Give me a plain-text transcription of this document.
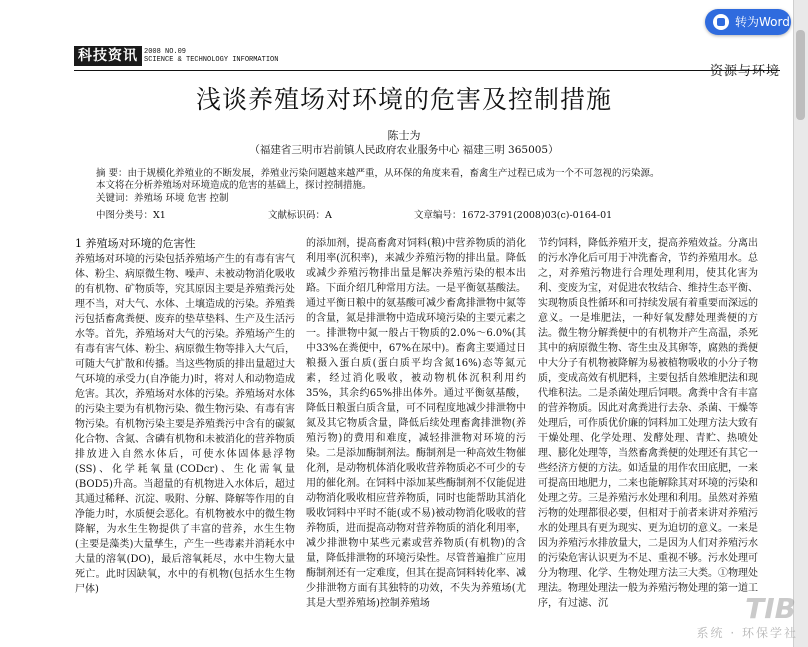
转为Word
科技资讯 2008 NO.09
SCIENCE & TECHNOLOGY INFORMATION
资源与环境
浅谈养殖场对环境的危害及控制措施
陈士为
（福建省三明市岩前镇人民政府农业服务中心 福建三明 365005）
摘 要：由于规模化养殖业的不断发展，养殖业污染问题越来越严重，从环保的角度来看，畜禽生产过程已成为一个不可忽视的污染源。
本文将在分析养殖场对环境造成的危害的基础上，探讨控制措施。
关键词：养殖场 环境 危害 控制
中图分类号：X1	文献标识码：A	文章编号：1672-3791(2008)03(c)-0164-01
1 养殖场对环境的危害性

养殖场对环境的污染包括养殖场产生的有毒有害气体、粉尘、病原微生物、噪声、未被动物消化吸收的有机物、矿物质等，究其原因主要是养殖粪污处理不当，对大气、水体、土壤造成的污染。养殖粪污包括畜禽粪便、废弃的垫草垫料、生产及生活污水等。首先，养殖场对大气的污染。养殖场产生的有毒有害气体、粉尘、病原微生物等排入大气后，可随大气扩散和传播。当这些物质的排出量超过大气环境的承受力(自净能力)时，将对人和动物造成危害。其次，养殖场对水体的污染。养殖场对水体的污染主要为有机物污染、微生物污染、有毒有害物污染。有机物污染主要是养殖粪污中含有的碳氮化合物、含氮、含磷有机物和未被消化的营养物质排放进入自然水体后，可使水体固体悬浮物(SS)、化学耗氧量(CODcr)、生化需氧量(BOD5)升高。当超量的有机物进入水体后，超过其通过稀释、沉淀、吸附、分解、降解等作用的自净能力时，水质便会恶化。有机物被水中的微生物降解，为水生生物提供了丰富的营养，水生生物(主要是藻类)大量孳生，产生一些毒素并消耗水中大量的溶氧(DO)，最后溶氧耗尽，水中生物大量死亡。此时因缺氧，水中的有机物(包括水生生物尸体)

的添加剂，提高畜禽对饲料(粮)中营养物质的消化利用率(沉积率)，来减少养殖污物的排出量。降低或减少养殖污物排出量是解决养殖污染的根本出路。下面介绍几种常用方法。一是平衡氨基酸法。通过平衡日粮中的氨基酸可减少畜禽排泄物中氮等的含量，氮是排泄物中造成环境污染的主要元素之一。排泄物中氮一般占干物质的2.0%～6.0%(其中33%在粪便中，67%在尿中)。畜禽主要通过日粮摄入蛋白质(蛋白质平均含氮16%)态等氮元素，经过消化吸收，被动物机体沉积利用约35%，其余约65%排出体外。通过平衡氨基酸，降低日粮蛋白质含量，可不同程度地减少排泄物中氮及其它物质含量，降低后续处理畜禽排泄物(养殖污物)的费用和难度，减轻排泄物对环境的污染。二是添加酶制剂法。酶制剂是一种高效生物催化剂，是动物机体消化吸收营养物质必不可少的专用的催化剂。在饲料中添加某些酶制剂不仅能促进动物消化吸收相应营养物质，同时也能帮助其消化吸收饲料中平时不能(或不易)被动物消化吸收的营养物质，进而提高动物对营养物质的消化利用率，减少排泄物中某些元素或营养物质(有机物)的含量，降低排泄物的环境污染性。尽管普遍推广应用酶制剂还有一定难度，但其在提高饲料转化率、减少排泄物方面有其独特的功效，不失为养殖场(尤其是大型养殖场)控制养殖场

节约饲料，降低养殖开支，提高养殖效益。分离出的污水净化后可用于冲洗畜舍，节约养殖用水。总之，对养殖污物进行合理处理利用，使其化害为利、变废为宝，对促进农牧结合、维持生态平衡、实现物质良性循环和可持续发展有着重要而深远的意义。一是堆肥法，一种好氧发酵处理粪便的方法。微生物分解粪便中的有机物并产生高温，杀死其中的病原微生物、寄生虫及其卵等，腐熟的粪便中大分子有机物被降解为易被植物吸收的小分子物质，变成高效有机肥料，主要包括自然堆肥法和现代堆积法。二是杀菌处理后饲喂。禽粪中含有丰富的营养物质。因此对禽粪进行去杂、杀菌、干燥等处理后，可作质优价廉的饲料加工处理方法大致有干燥处理、化学处理、发酵处理、青贮、热喷处理、膨化处理等，当然畜禽粪便的处理还有其它一些经济方便的方法。如适量的用作农田底肥，一来可提高田地肥力，二来也能解除其对环境的污染和处理之劳。三是养殖污水处理和利用。虽然对养殖污物的处理都很必要，但相对于前者来讲对养殖污水的处理具有更为现实、更为迫切的意义。一来是因为养殖污水排放量大，二是因为人们对养殖污水的污染危害认识更为不足、重视不够。污水处理可分为物理、化学、生物处理方法三大类。①物理处理法。物理处理法一般为养殖污物处理的第一道工序，有过滤、沉	TIB
系统 · 环保学社
